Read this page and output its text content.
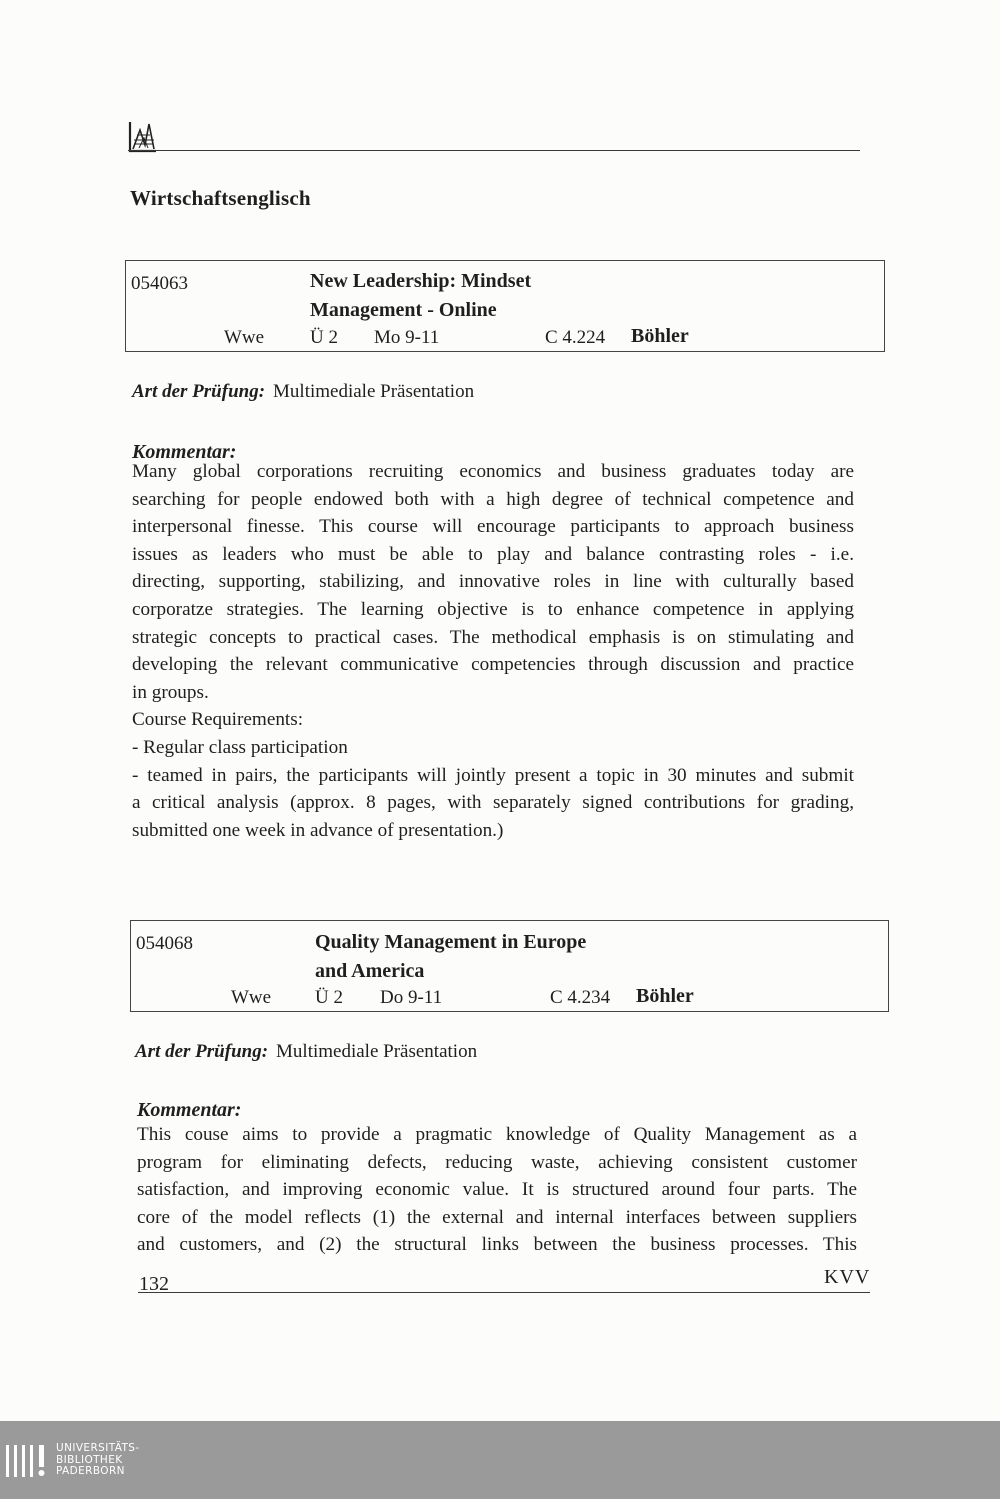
Wirtschaftsenglisch
054063	New Leadership: Mindset
Management - Online
Wwe Ü 2 Mo 9-11	C 4.224 Böhler
Art der Prüfung: Multimediale Präsentation
Kommentar:
Many global corporations recruiting economics and business graduates today are
searching for people endowed both with a high degree of technical competence and
interpersonal finesse. This course will encourage participants to approach business
issues as leaders who must be able to play and balance contrasting roles - i.e.
directing, supporting, stabilizing, and innovative roles in line with culturally based
corporatze strategies. The learning objective is to enhance competence in applying
strategic concepts to practical cases. The methodical emphasis is on stimulating and
developing the relevant communicative competencies through discussion and practice
in groups.
Course Requirements:
- Regular class participation
- teamed in pairs, the participants will jointly present a topic in 30 minutes and submit
a critical analysis (approx. 8 pages, with separately signed contributions for grading,
submitted one week in advance of presentation.)
054068	Quality Management in Europe
and America
Wwe Ü 2 Do 9-11	C 4.234 Böhler
Art der Prüfung: Multimediale Präsentation
Kommentar:
This couse aims to provide a pragmatic knowledge of Quality Management as a
program for eliminating defects, reducing waste, achieving consistent customer
satisfaction, and improving economic value. It is structured around four parts. The
core of the model reflects (1) the external and internal interfaces between suppliers
and customers, and (2) the structural links between the business processes. This
132	KVV
UNIVERSITÄTS-
BIBLIOTHEK
PADERBORN
